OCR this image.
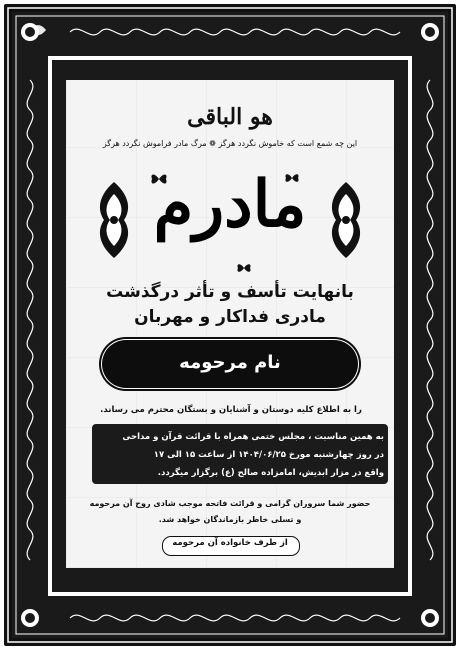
هو الباقی
این چه شمع است که خاموش نگردد هرگز ❁ مرگ مادر فراموش نگردد هرگز
مادرم
بانهایت تأسف و تأثر درگذشت
مادری فداکار و مهربان
نام مرحومه
را به اطلاع کلیه دوستان و آشنایان و بستگان محترم می رساند.
به همین مناسبت ، مجلس ختمی همراه با قرائت قرآن و مداحی
در روز چهارشنبه مورخ ۱۴۰۴/۰۶/۲۵ از ساعت ۱۵ الی ۱۷
واقع در مزار ابدیش، امامزاده صالح (ع) برگزار میگردد.
حضور شما سروران گرامی و قرائت فاتحه موجب شادی روح آن مرحومه
و تسلی خاطر بازماندگان خواهد شد.
از طرف خانواده آن مرحومه
